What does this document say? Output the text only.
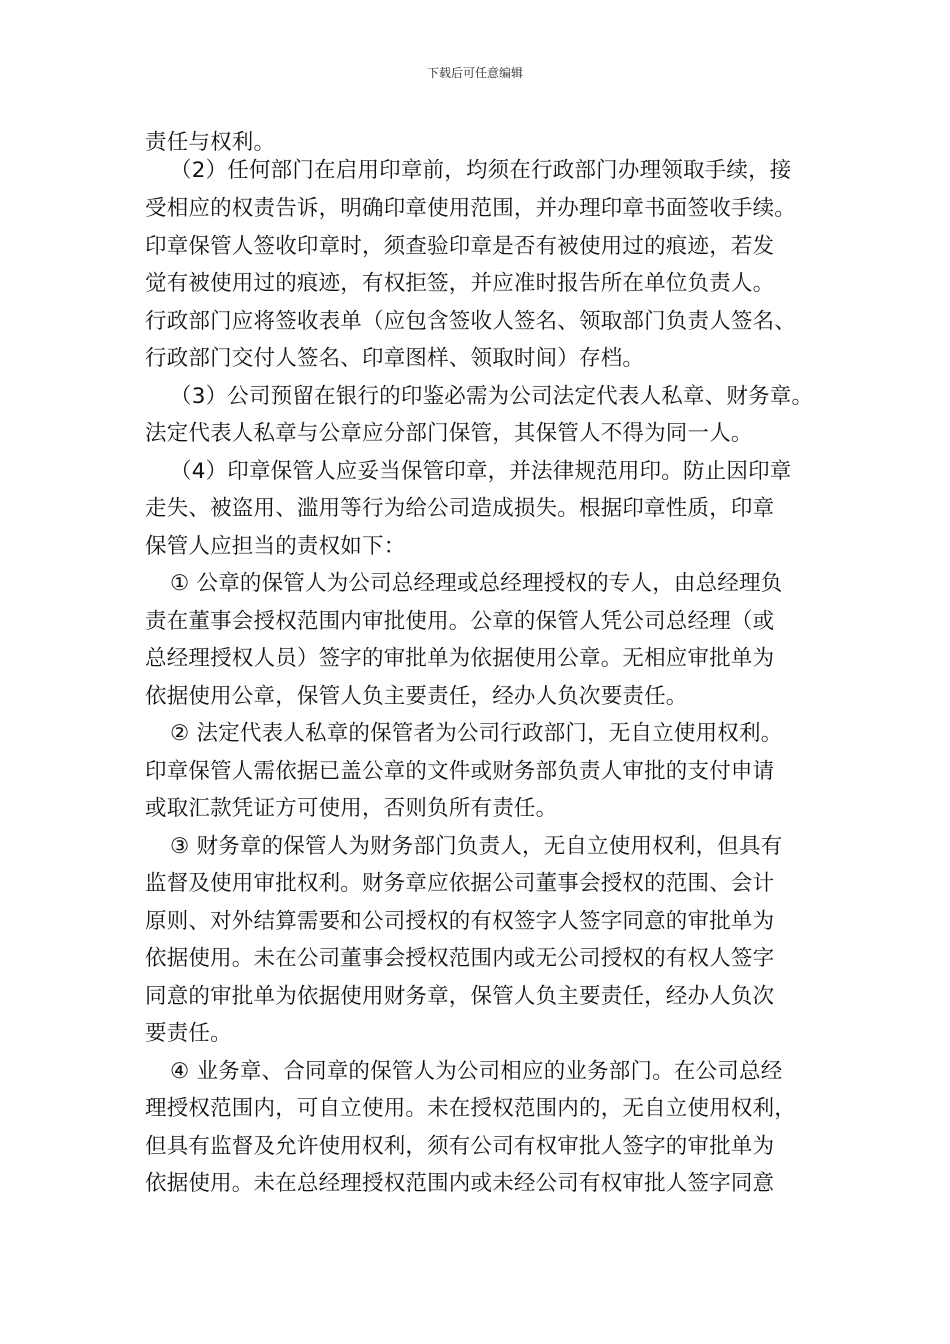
下载后可任意编辑
责任与权利。
（2）任何部门在启用印章前，均须在行政部门办理领取手续，接
受相应的权责告诉，明确印章使用范围，并办理印章书面签收手续。
印章保管人签收印章时，须查验印章是否有被使用过的痕迹，若发
觉有被使用过的痕迹，有权拒签，并应准时报告所在单位负责人。
行政部门应将签收表单（应包含签收人签名、领取部门负责人签名、
行政部门交付人签名、印章图样、领取时间）存档。
（3）公司预留在银行的印鉴必需为公司法定代表人私章、财务章。
法定代表人私章与公章应分部门保管，其保管人不得为同一人。
（4）印章保管人应妥当保管印章，并法律规范用印。防止因印章
走失、被盗用、滥用等行为给公司造成损失。根据印章性质，印章
保管人应担当的责权如下：
① 公章的保管人为公司总经理或总经理授权的专人，由总经理负
责在董事会授权范围内审批使用。公章的保管人凭公司总经理（或
总经理授权人员）签字的审批单为依据使用公章。无相应审批单为
依据使用公章，保管人负主要责任，经办人负次要责任。
② 法定代表人私章的保管者为公司行政部门，无自立使用权利。
印章保管人需依据已盖公章的文件或财务部负责人审批的支付申请
或取汇款凭证方可使用，否则负所有责任。
③ 财务章的保管人为财务部门负责人，无自立使用权利，但具有
监督及使用审批权利。财务章应依据公司董事会授权的范围、会计
原则、对外结算需要和公司授权的有权签字人签字同意的审批单为
依据使用。未在公司董事会授权范围内或无公司授权的有权人签字
同意的审批单为依据使用财务章，保管人负主要责任，经办人负次
要责任。
④ 业务章、合同章的保管人为公司相应的业务部门。在公司总经
理授权范围内，可自立使用。未在授权范围内的，无自立使用权利，
但具有监督及允许使用权利，须有公司有权审批人签字的审批单为
依据使用。未在总经理授权范围内或未经公司有权审批人签字同意
